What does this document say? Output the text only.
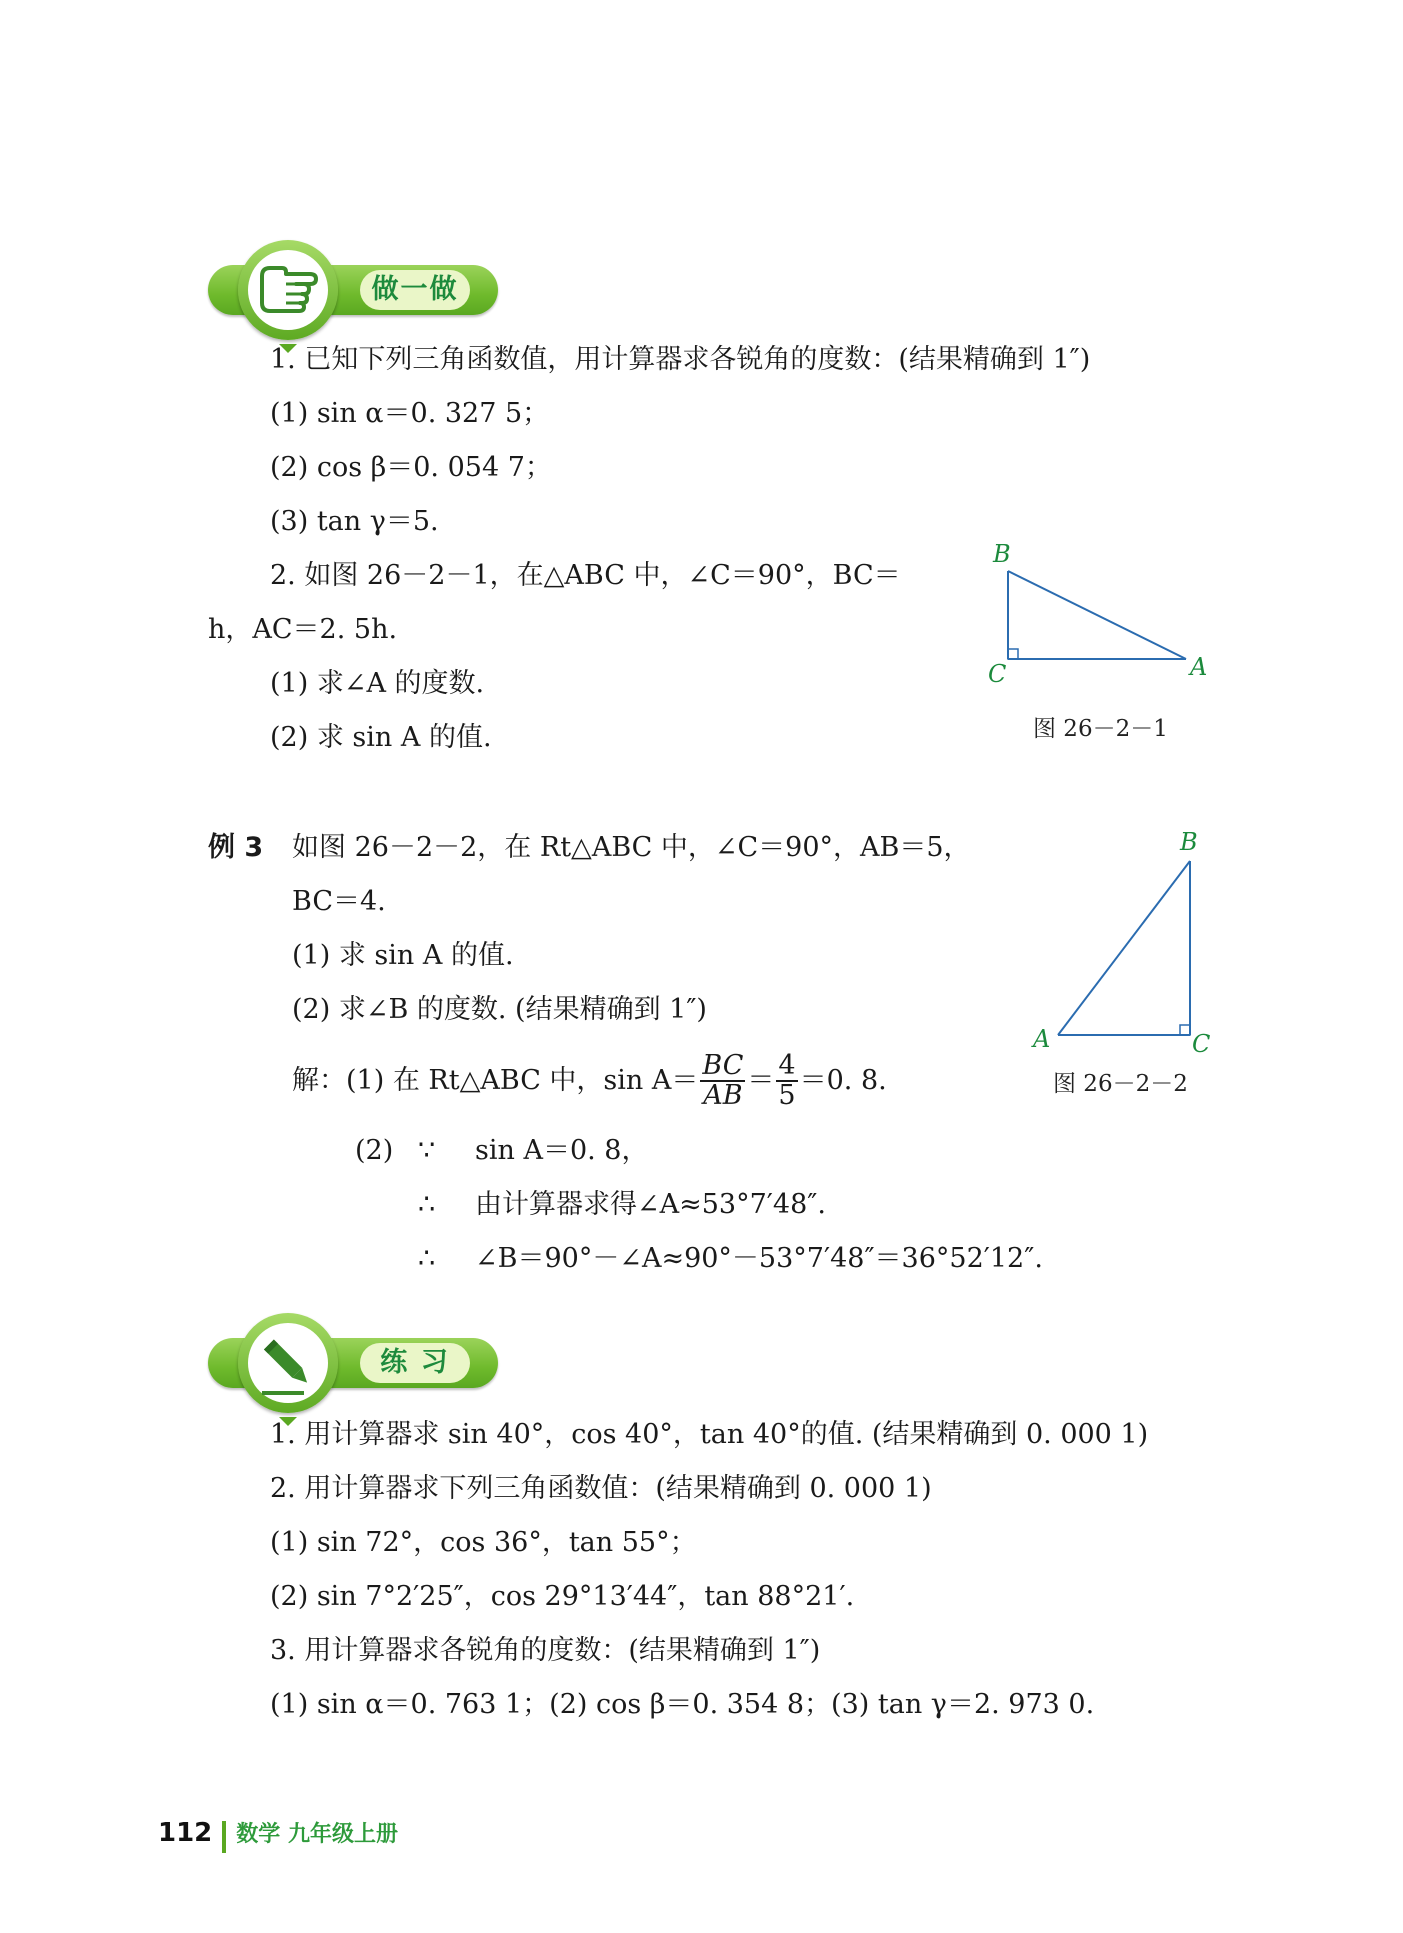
做一做
1. 已知下列三角函数值，用计算器求各锐角的度数：(结果精确到 1″)
(1) sin α＝0. 327 5；
(2) cos β＝0. 054 7；
(3) tan γ＝5.
2. 如图 26－2－1，在△ABC 中，∠C＝90°，BC＝
h，AC＝2. 5h.
(1) 求∠A 的度数.
(2) 求 sin A 的值.
B
C	A
图 26－2－1
例 3 如图 26－2－2，在 Rt△ABC 中，∠C＝90°，AB＝5，
BC＝4.
(1) 求 sin A 的值.
(2) 求∠B 的度数. (结果精确到 1″)
解：(1) 在 Rt△ABC 中，$\sin A= \frac{BC}{AB} = \frac{4}{5} =0$. 8.
(2) ∵ sin A＝0. 8，
∴ 由计算器求得∠A≈53°7′48″.
∴ ∠B＝90°－∠A≈90°－53°7′48″＝36°52′12″.
B
A	C
图 26－2－2
练 习
1. 用计算器求 sin 40°，cos 40°，tan 40°的值. (结果精确到 0. 000 1)
2. 用计算器求下列三角函数值：(结果精确到 0. 000 1)
(1) sin 72°，cos 36°，tan 55°；
(2) sin 7°2′25″，cos 29°13′44″，tan 88°21′.
3. 用计算器求各锐角的度数：(结果精确到 1″)
(1) sin α＝0. 763 1；(2) cos β＝0. 354 8；(3) tan γ＝2. 973 0.
112 数学 九年级上册
